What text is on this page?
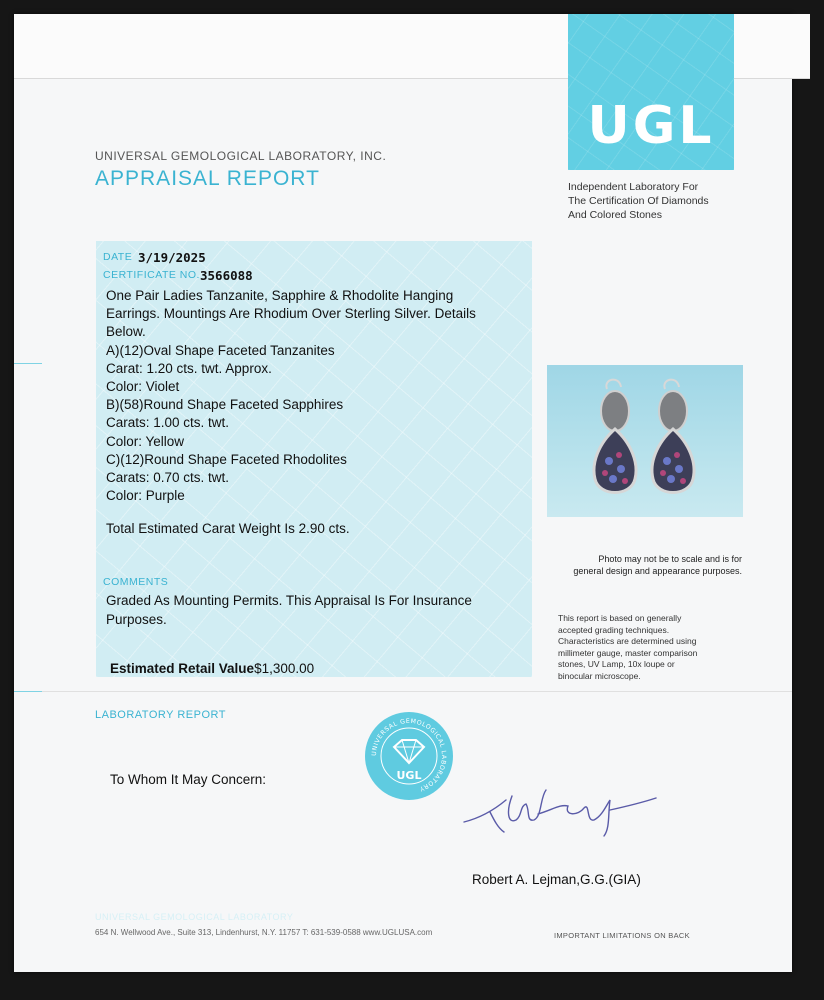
UGL
Independent Laboratory For
The Certification Of Diamonds
And Colored Stones
UNIVERSAL GEMOLOGICAL LABORATORY, INC.
APPRAISAL REPORT
DATE 3/19/2025
CERTIFICATE NO. 3566088
One Pair Ladies Tanzanite, Sapphire & Rhodolite Hanging
Earrings. Mountings Are Rhodium Over Sterling Silver. Details
Below.
A)(12)Oval Shape Faceted Tanzanites
Carat: 1.20 cts. twt. Approx.
Color: Violet
B)(58)Round Shape Faceted Sapphires
Carats: 1.00 cts. twt.
Color: Yellow
C)(12)Round Shape Faceted Rhodolites
Carats: 0.70 cts. twt.
Color: Purple
Total Estimated Carat Weight Is 2.90 cts.
COMMENTS
Graded As Mounting Permits. This Appraisal Is For Insurance
Purposes.
Estimated Retail Value$1,300.00
Photo may not be to scale and is for
general design and appearance purposes.
This report is based on generally
accepted grading techniques.
Characteristics are determined using
millimeter gauge, master comparison
stones, UV Lamp, 10x loupe or
binocular microscope.
LABORATORY REPORT
UNIVERSAL GEMOLOGICAL LABORATORY
UGL
To Whom It May Concern:
Robert A. Lejman,G.G.(GIA)
UNIVERSAL GEMOLOGICAL LABORATORY
654 N. Wellwood Ave., Suite 313, Lindenhurst, N.Y. 11757 T: 631-539-0588 www.UGLUSA.com	IMPORTANT LIMITATIONS ON BACK
